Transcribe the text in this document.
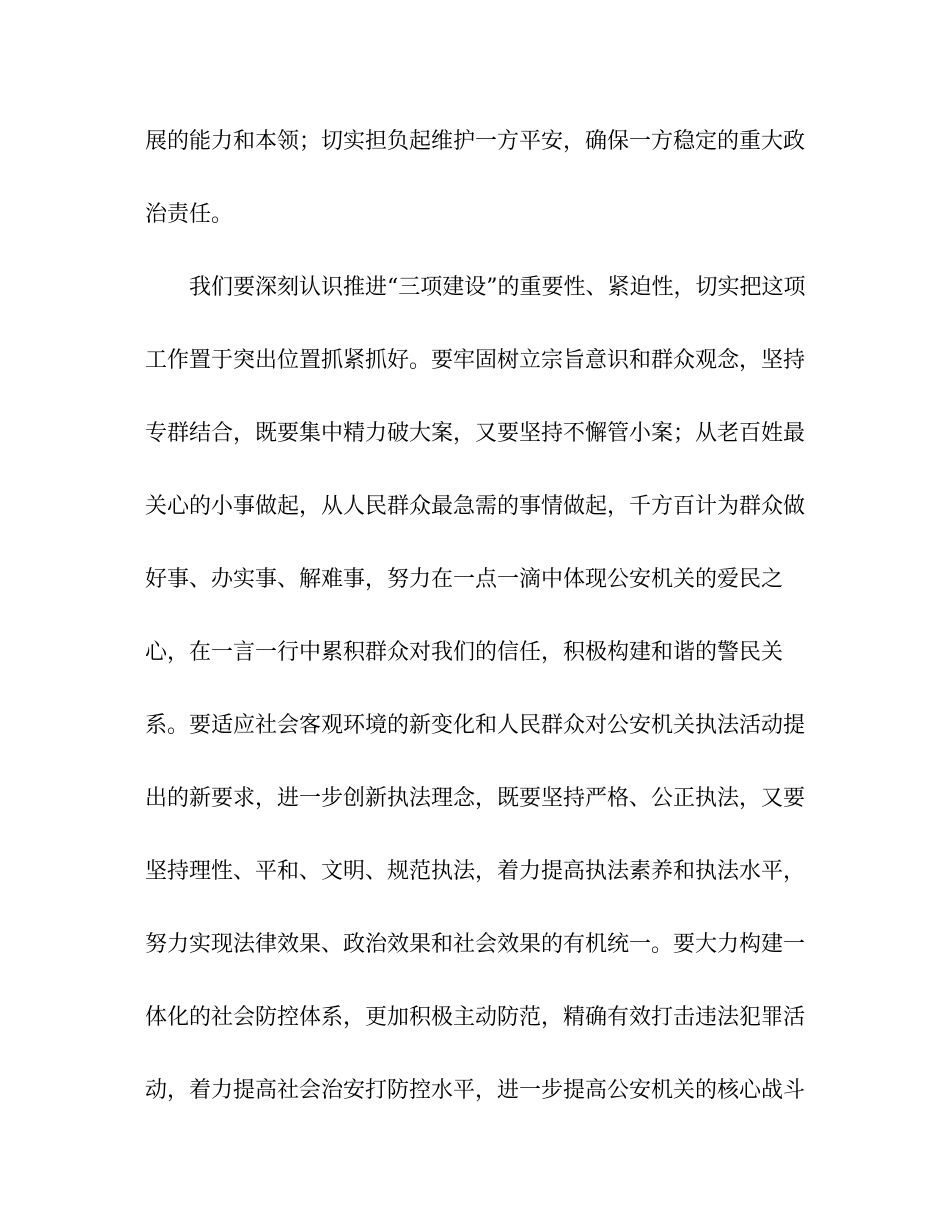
展的能力和本领；切实担负起维护一方平安，确保一方稳定的重大政
治责任。
我们要深刻认识推进“三项建设”的重要性、紧迫性，切实把这项
工作置于突出位置抓紧抓好。要牢固树立宗旨意识和群众观念，坚持
专群结合，既要集中精力破大案，又要坚持不懈管小案；从老百姓最
关心的小事做起，从人民群众最急需的事情做起，千方百计为群众做
好事、办实事、解难事，努力在一点一滴中体现公安机关的爱民之
心，在一言一行中累积群众对我们的信任，积极构建和谐的警民关
系。要适应社会客观环境的新变化和人民群众对公安机关执法活动提
出的新要求，进一步创新执法理念，既要坚持严格、公正执法，又要
坚持理性、平和、文明、规范执法，着力提高执法素养和执法水平，
努力实现法律效果、政治效果和社会效果的有机统一。要大力构建一
体化的社会防控体系，更加积极主动防范，精确有效打击违法犯罪活
动，着力提高社会治安打防控水平，进一步提高公安机关的核心战斗
